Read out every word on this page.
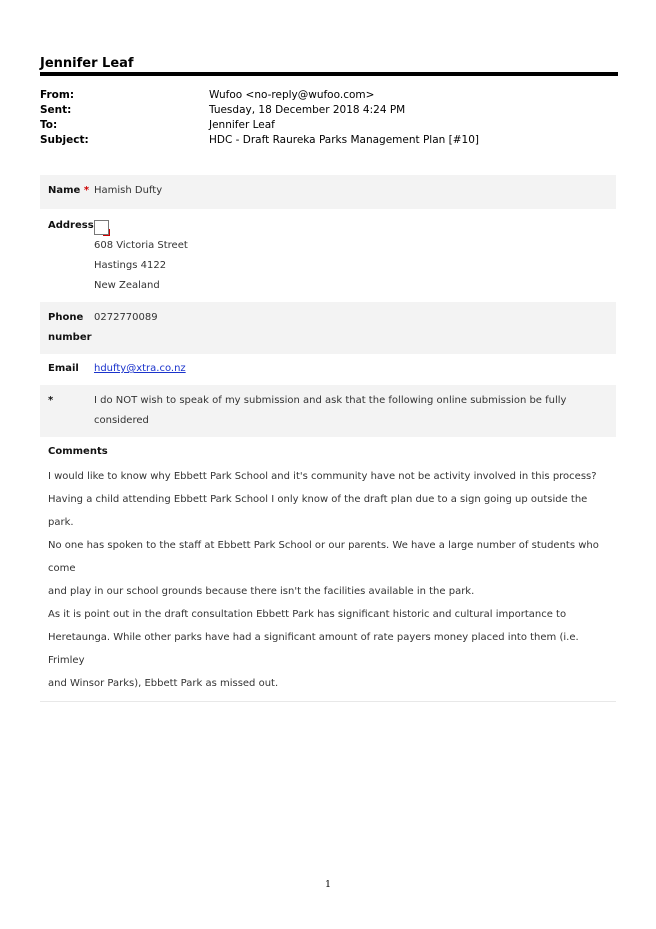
Jennifer Leaf
From:	Wufoo <no-reply@wufoo.com>
Sent:	Tuesday, 18 December 2018 4:24 PM
To:	Jennifer Leaf
Subject:	HDC - Draft Raureka Parks Management Plan [#10]
Name * Hamish Dufty
Address
608 Victoria Street
Hastings 4122
New Zealand
Phone
number
0272770089
Email	hdufty@xtra.co.nz
*	I do NOT wish to speak of my submission and ask that the following online submission be fully
considered
Comments
I would like to know why Ebbett Park School and it's community have not be activity involved in this process?
Having a child attending Ebbett Park School I only know of the draft plan due to a sign going up outside the park.
No one has spoken to the staff at Ebbett Park School or our parents. We have a large number of students who come
and play in our school grounds because there isn't the facilities available in the park.
As it is point out in the draft consultation Ebbett Park has significant historic and cultural importance to
Heretaunga. While other parks have had a significant amount of rate payers money placed into them (i.e. Frimley
and Winsor Parks), Ebbett Park as missed out.
1
